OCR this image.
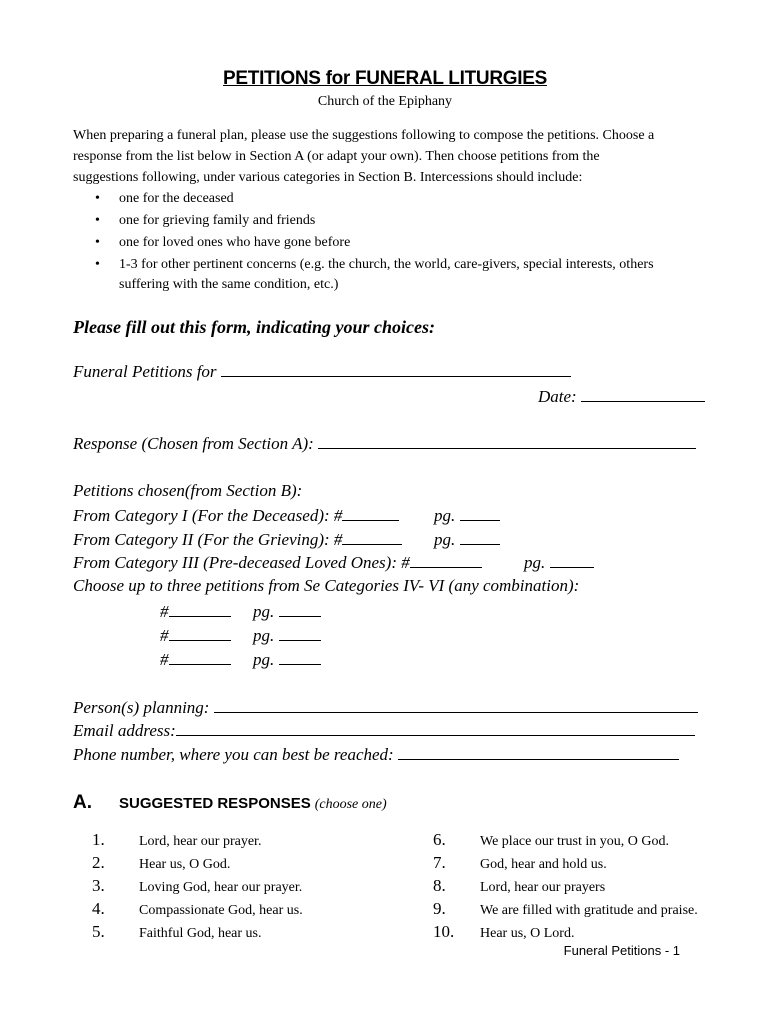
PETITIONS for FUNERAL LITURGIES
Church of the Epiphany
When preparing a funeral plan, please use the suggestions following to compose the petitions. Choose a
response from the list below in Section A (or adapt your own). Then choose petitions from the
suggestions following, under various categories in Section B. Intercessions should include:
• one for the deceased
• one for grieving family and friends
• one for loved ones who have gone before
• 1-3 for other pertinent concerns (e.g. the church, the world, care-givers, special interests, others
suffering with the same condition, etc.)
Please fill out this form, indicating your choices:
Funeral Petitions for
Date:
Response (Chosen from Section A):
Petitions chosen(from Section B):
From Category I (For the Deceased): #	pg.
From Category II (For the Grieving): #	pg.
From Category III (Pre-deceased Loved Ones): #	pg.
Choose up to three petitions from Se Categories IV- VI (any combination):
#	pg.
#	pg.
#	pg.
Person(s) planning:
Email address:
Phone number, where you can best be reached:
A. SUGGESTED RESPONSES (choose one)
Funeral Petitions - 1
1. Lord, hear our prayer.
2. Hear us, O God.
3. Loving God, hear our prayer.
4. Compassionate God, hear us.
5. Faithful God, hear us.
6. We place our trust in you, O God.
7. God, hear and hold us.
8. Lord, hear our prayers
9. We are filled with gratitude and praise.
10. Hear us, O Lord.
